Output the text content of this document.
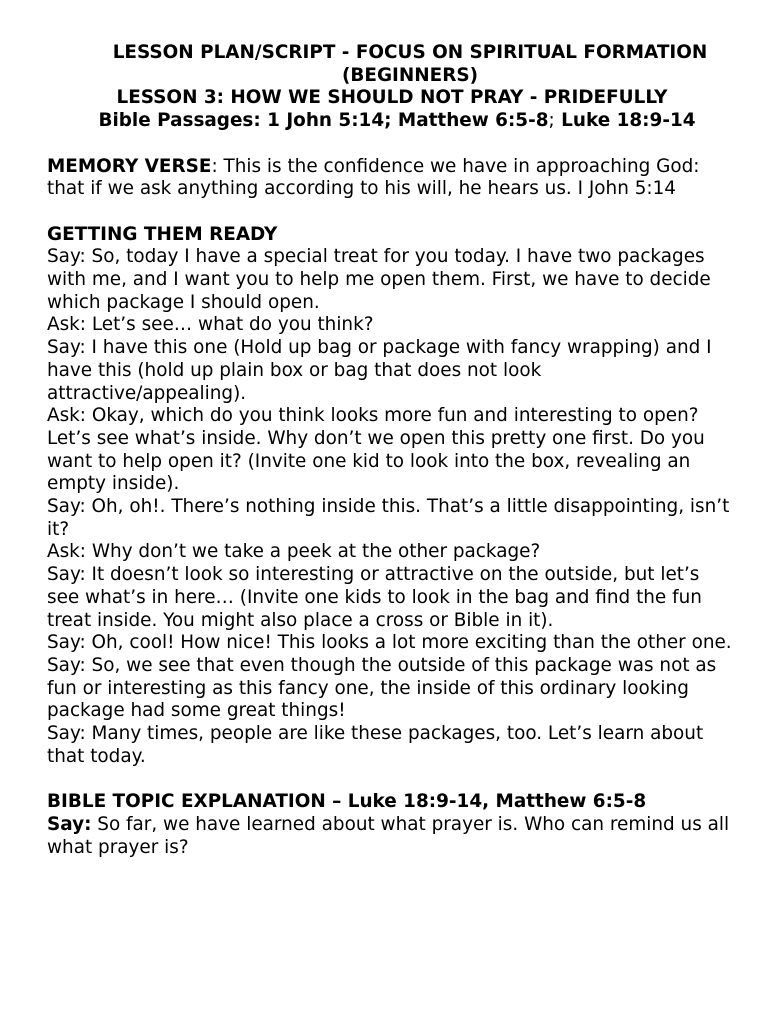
LESSON PLAN/SCRIPT - FOCUS ON SPIRITUAL FORMATION (BEGINNERS)
LESSON 3: HOW WE SHOULD NOT PRAY - PRIDEFULLY
Bible Passages: 1 John 5:14; Matthew 6:5-8; Luke 18:9-14

MEMORY VERSE: This is the confidence we have in approaching God: that if we ask anything according to his will, he hears us. I John 5:14

GETTING THEM READY

Say: So, today I have a special treat for you today. I have two packages with me, and I want you to help me open them. First, we have to decide which package I should open.

Ask: Let’s see… what do you think?

Say: I have this one (Hold up bag or package with fancy wrapping) and I have this (hold up plain box or bag that does not look attractive/appealing).

Ask: Okay, which do you think looks more fun and interesting to open? Let’s see what’s inside. Why don’t we open this pretty one first. Do you want to help open it? (Invite one kid to look into the box, revealing an empty inside).

Say: Oh, oh!. There’s nothing inside this. That’s a little disappointing, isn’t it?

Ask: Why don’t we take a peek at the other package?

Say: It doesn’t look so interesting or attractive on the outside, but let’s see what’s in here… (Invite one kids to look in the bag and find the fun treat inside. You might also place a cross or Bible in it).

Say: Oh, cool! How nice! This looks a lot more exciting than the other one.

Say: So, we see that even though the outside of this package was not as fun or interesting as this fancy one, the inside of this ordinary looking package had some great things!

Say: Many times, people are like these packages, too. Let’s learn about that today.

BIBLE TOPIC EXPLANATION – Luke 18:9-14, Matthew 6:5-8

Say: So far, we have learned about what prayer is. Who can remind us all what prayer is?
